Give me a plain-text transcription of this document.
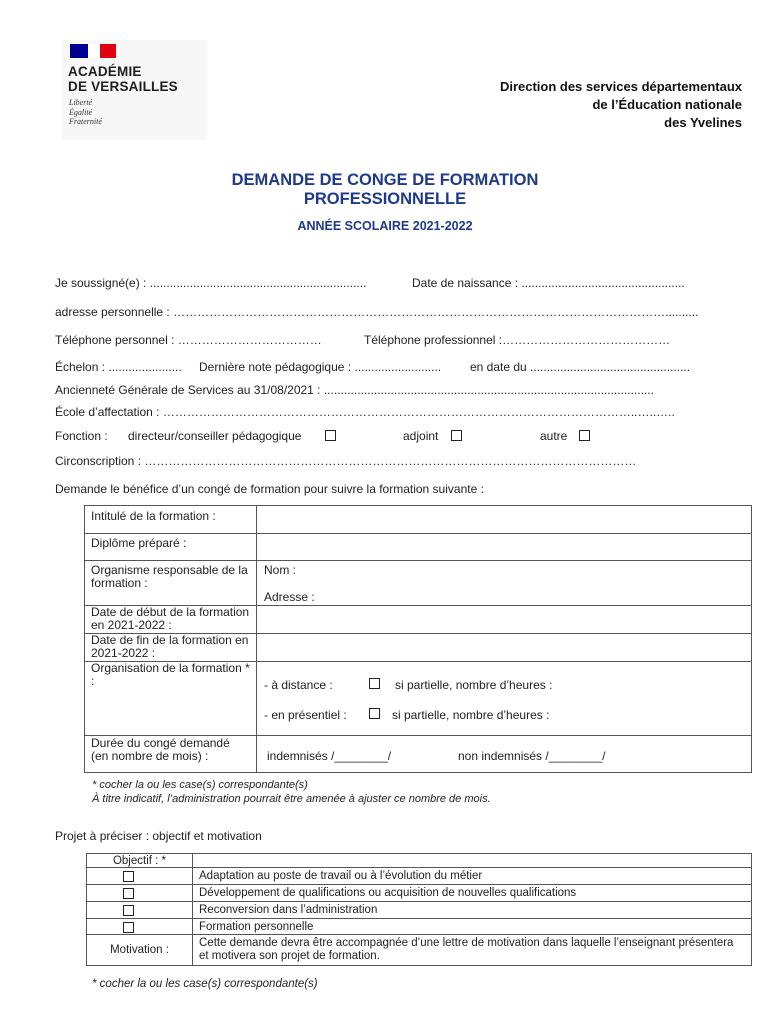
ACADÉMIE
DE VERSAILLES
Liberté
Égalité
Fraternité
Direction des services départementaux
de l’Éducation nationale
des Yvelines
DEMANDE DE CONGE DE FORMATION
PROFESSIONNELLE
ANNÉE SCOLAIRE 2021-2022
Je soussigné(e) : .................................................................	Date de naissance : .................................................
adresse personnelle : ……………………………………………………………………………………………………………..........
Téléphone personnel : ………………………………	Téléphone professionnel :……………………………………
Échelon : ...................... Dernière note pédagogique : .......................... en date du ................................................
Ancienneté Générale de Services au 31/08/2021 : ...................................................................................................
École d’affectation : ………………………………………………………………………………………………………..…..…..
Fonction : directeur/conseiller pédagogique	adjoint	autre
Circonscription : ……………………………………………………………………………………………………………
Demande le bénéfice d’un congé de formation pour suivre la formation suivante :
Intitulé de la formation :
Diplôme préparé :
Organisme responsable de la formation :
Nom :
Adresse :
Date de début de la formation en 2021-2022 :
Date de fin de la formation en 2021-2022 :
Organisation de la formation * :	- à distance :	si partielle, nombre d’heures :
- en présentiel :	si partielle, nombre d’heures :
Durée du congé demandé (en nombre de mois) :	indemnisés /________/	non indemnisés /________/
* cocher la ou les case(s) correspondante(s)
À titre indicatif, l’administration pourrait être amenée à ajuster ce nombre de mois.
Projet à préciser : objectif et motivation
Objectif : *
Adaptation au poste de travail ou à l’évolution du métier
Développement de qualifications ou acquisition de nouvelles qualifications
Reconversion dans l’administration
Formation personnelle
Motivation :
Cette demande devra être accompagnée d’une lettre de motivation dans laquelle l’enseignant présentera et motivera son projet de formation.
* cocher la ou les case(s) correspondante(s)
